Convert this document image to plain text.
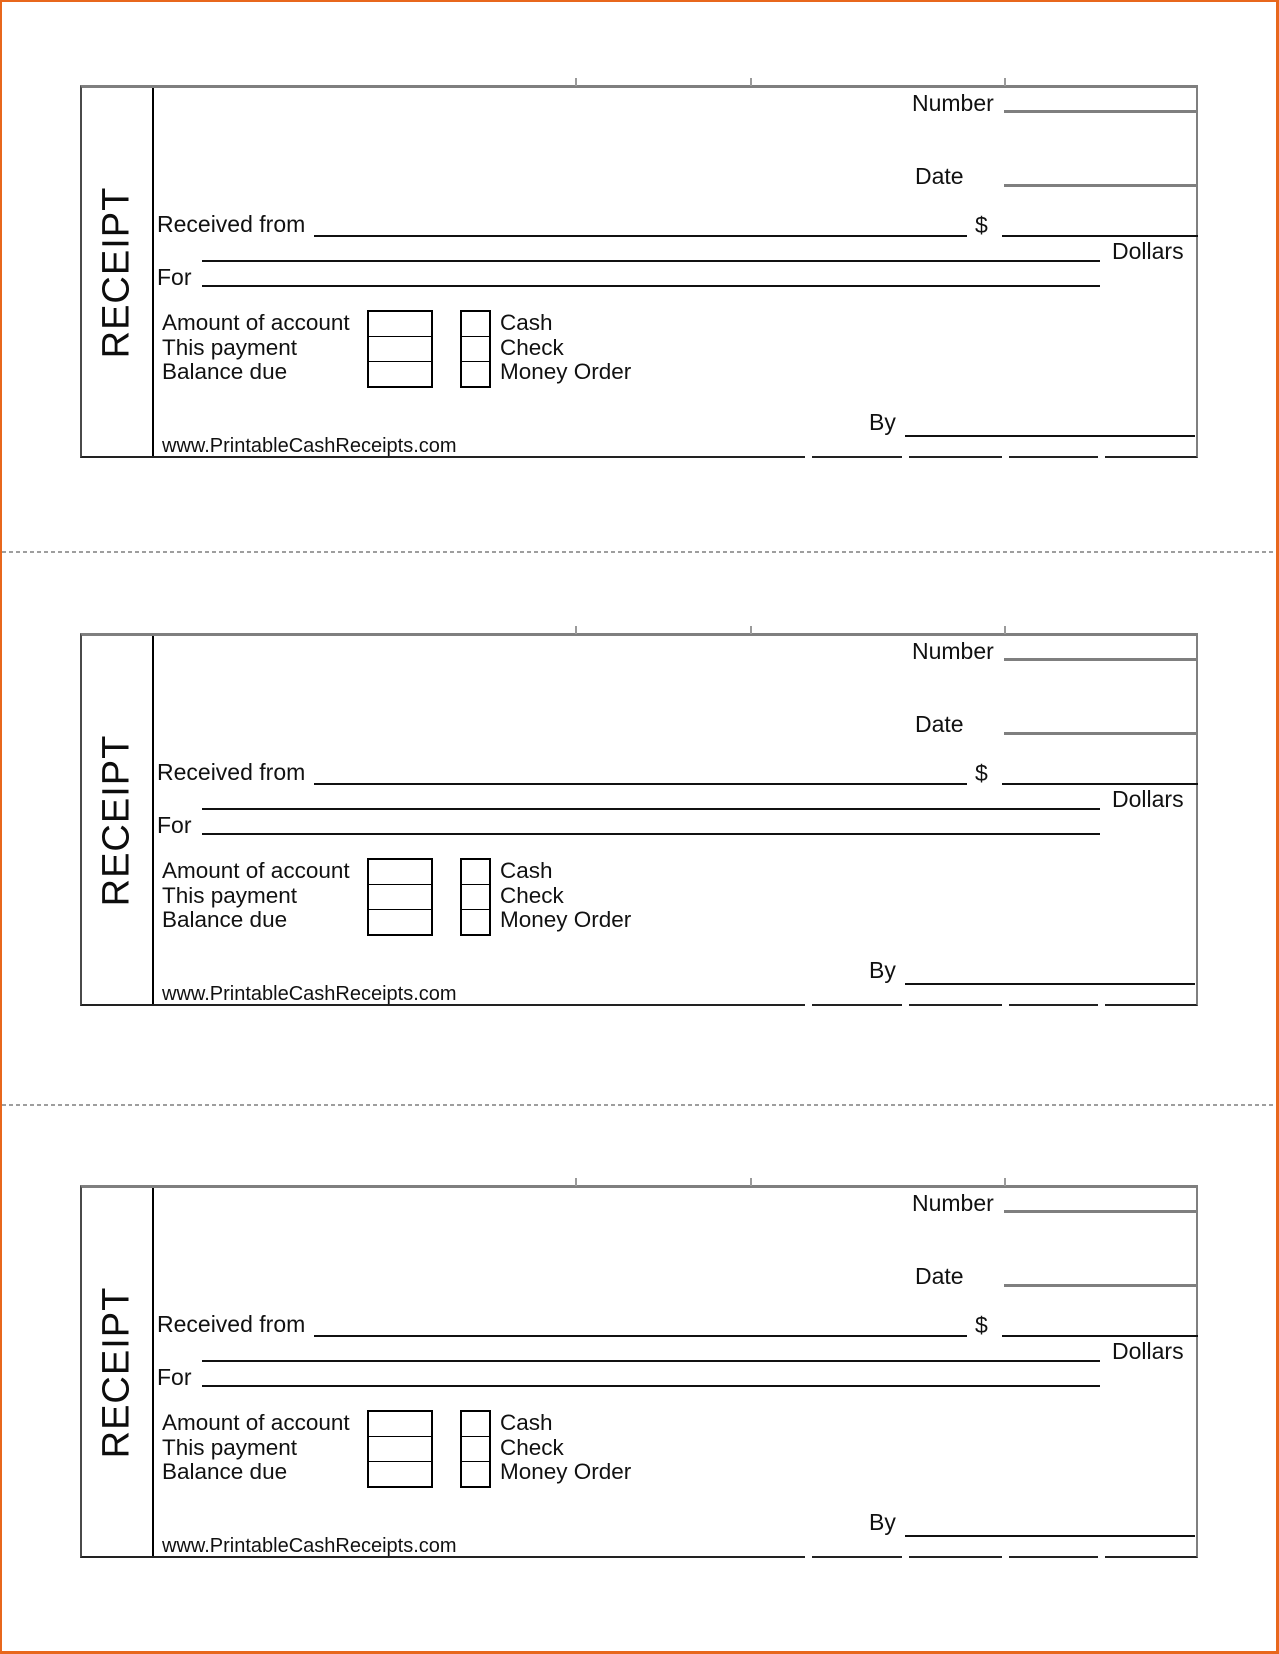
RECEIPT
Number
Date
Received from	$
Dollars
For
Amount of account
This payment
Balance due
Cash
Check
Money Order
By
www.PrintableCashReceipts.com
RECEIPT
Number
Date
Received from	$
Dollars
For
Amount of account
This payment
Balance due
Cash
Check
Money Order
By
www.PrintableCashReceipts.com
RECEIPT
Number
Date
Received from	$
Dollars
For
Amount of account
This payment
Balance due
Cash
Check
Money Order
By
www.PrintableCashReceipts.com
